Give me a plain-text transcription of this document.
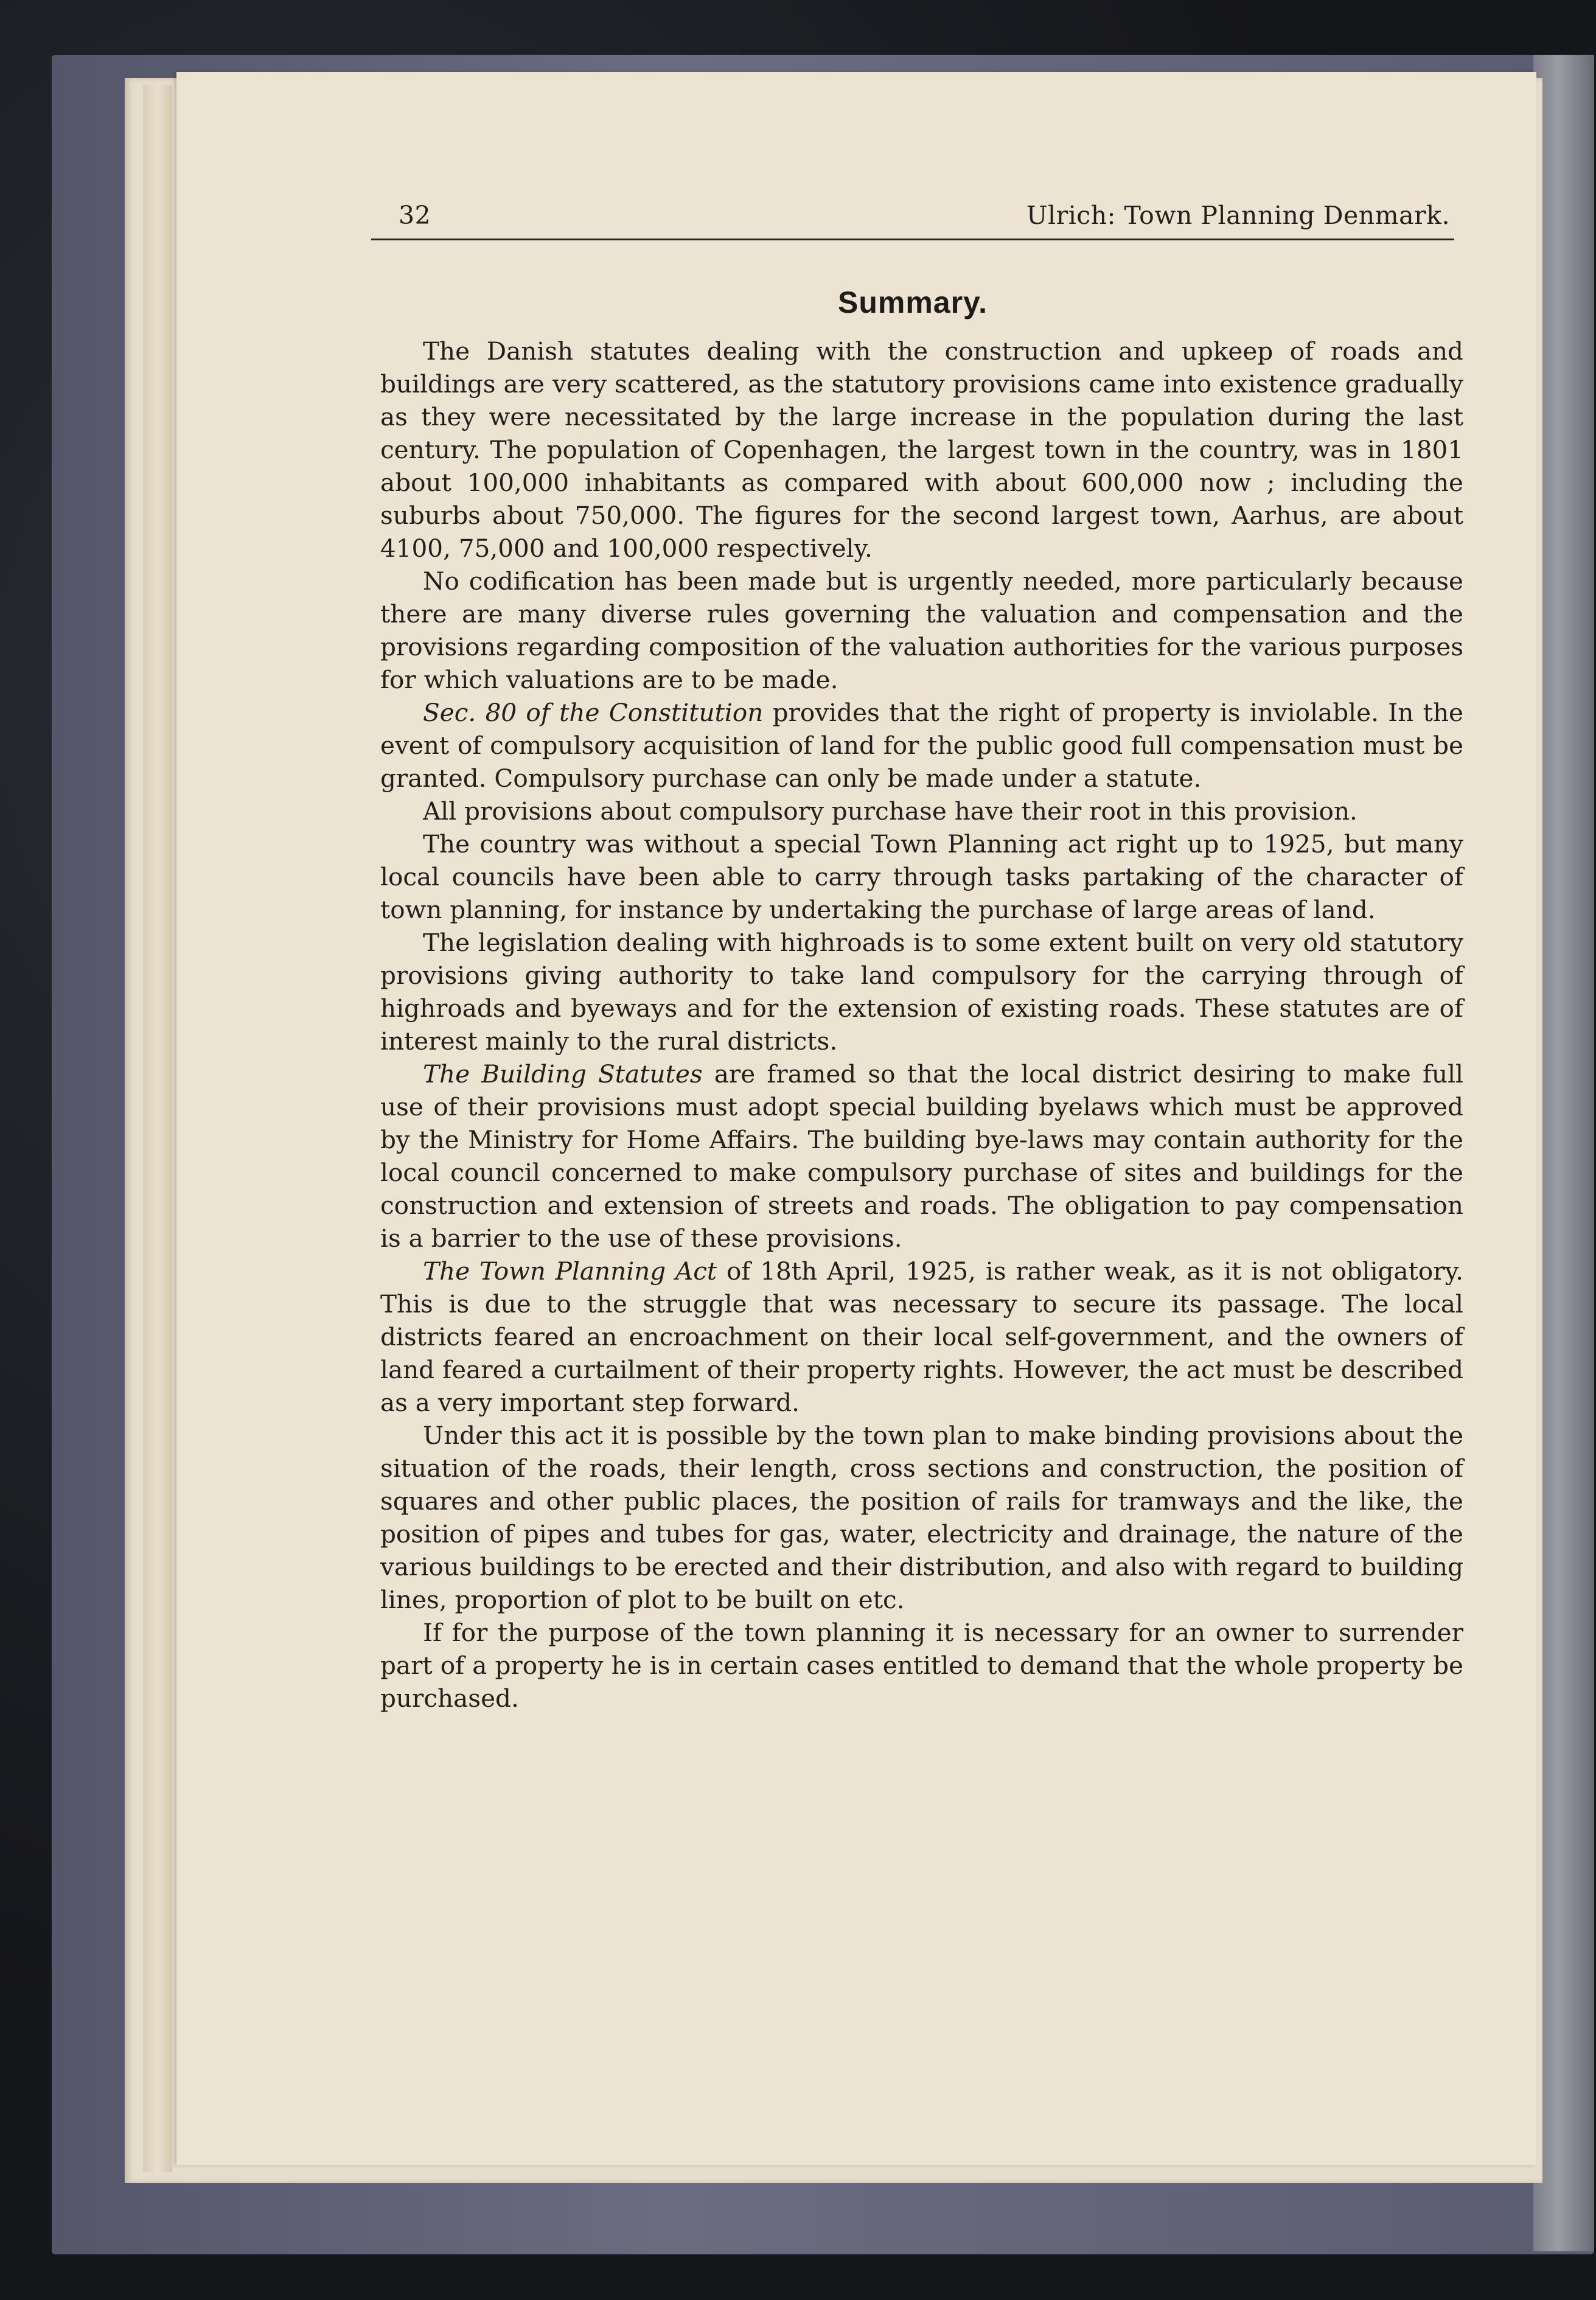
32	Ulrich: Town Planning Denmark.
Summary.

The Danish statutes dealing with the construction and upkeep of roads and buildings are very scattered, as the statutory provisions came into existence gradually as they were necessitated by the large increase in the population during the last century. The population of Copenhagen, the largest town in the country, was in 1801 about 100,000 inhabitants as compared with about 600,000 now ; including the suburbs about 750,000. The figures for the second largest town, Aarhus, are about 4100, 75,000 and 100,000 respectively.

No codification has been made but is urgently needed, more particularly because there are many diverse rules governing the valuation and compensation and the provisions regarding composition of the valuation authorities for the various purposes for which valuations are to be made.

Sec. 80 of the Constitution provides that the right of property is inviolable. In the event of compulsory acquisition of land for the public good full compensation must be granted. Compulsory purchase can only be made under a statute.

All provisions about compulsory purchase have their root in this provision.

The country was without a special Town Planning act right up to 1925, but many local councils have been able to carry through tasks partaking of the character of town planning, for instance by undertaking the purchase of large areas of land.

The legislation dealing with highroads is to some extent built on very old statutory provisions giving authority to take land compulsory for the carrying through of highroads and byeways and for the extension of existing roads. These statutes are of interest mainly to the rural districts.

The Building Statutes are framed so that the local district desiring to make full use of their provisions must adopt special building byelaws which must be approved by the Ministry for Home Affairs. The building bye-laws may contain authority for the local council concerned to make compulsory purchase of sites and buildings for the construction and extension of streets and roads. The obligation to pay compensation is a barrier to the use of these provisions.

The Town Planning Act of 18th April, 1925, is rather weak, as it is not obligatory. This is due to the struggle that was necessary to secure its passage. The local districts feared an encroachment on their local self-government, and the owners of land feared a curtailment of their property rights. However, the act must be described as a very important step forward.

Under this act it is possible by the town plan to make binding provisions about the situation of the roads, their length, cross sections and construction, the position of squares and other public places, the position of rails for tramways and the like, the position of pipes and tubes for gas, water, electricity and drainage, the nature of the various buildings to be erected and their distribution, and also with regard to building lines, proportion of plot to be built on etc.

If for the purpose of the town planning it is necessary for an owner to surrender part of a property he is in certain cases entitled to demand that the whole property be purchased.
